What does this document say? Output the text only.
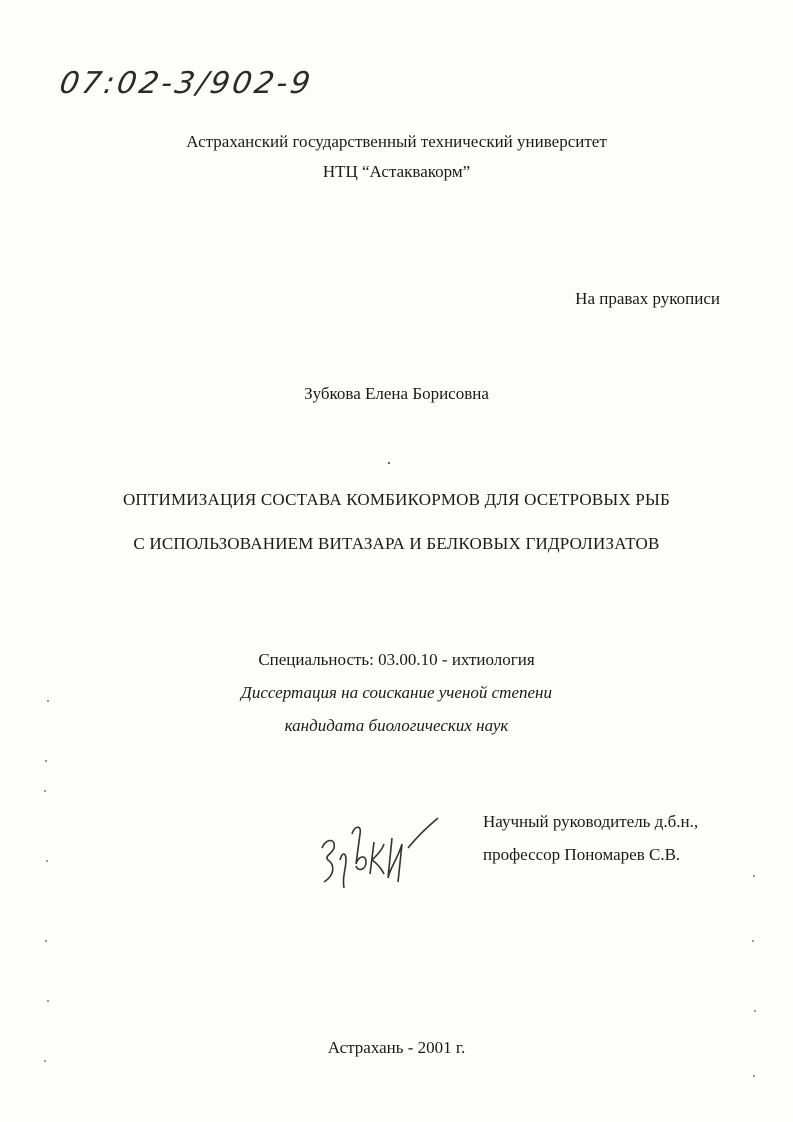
07:02-3/902-9
Астраханский государственный технический университет
НТЦ “Астаквакорм”
На правах рукописи
Зубкова Елена Борисовна
ОПТИМИЗАЦИЯ СОСТАВА КОМБИКОРМОВ ДЛЯ ОСЕТРОВЫХ РЫБ
С ИСПОЛЬЗОВАНИЕМ ВИТАЗАРА И БЕЛКОВЫХ ГИДРОЛИЗАТОВ
Специальность: 03.00.10 - ихтиология
Диссертация на соискание ученой степени
кандидата биологических наук
Зубк
Научный руководитель д.б.н.,
профессор Пономарев С.В.
Астрахань - 2001 г.
